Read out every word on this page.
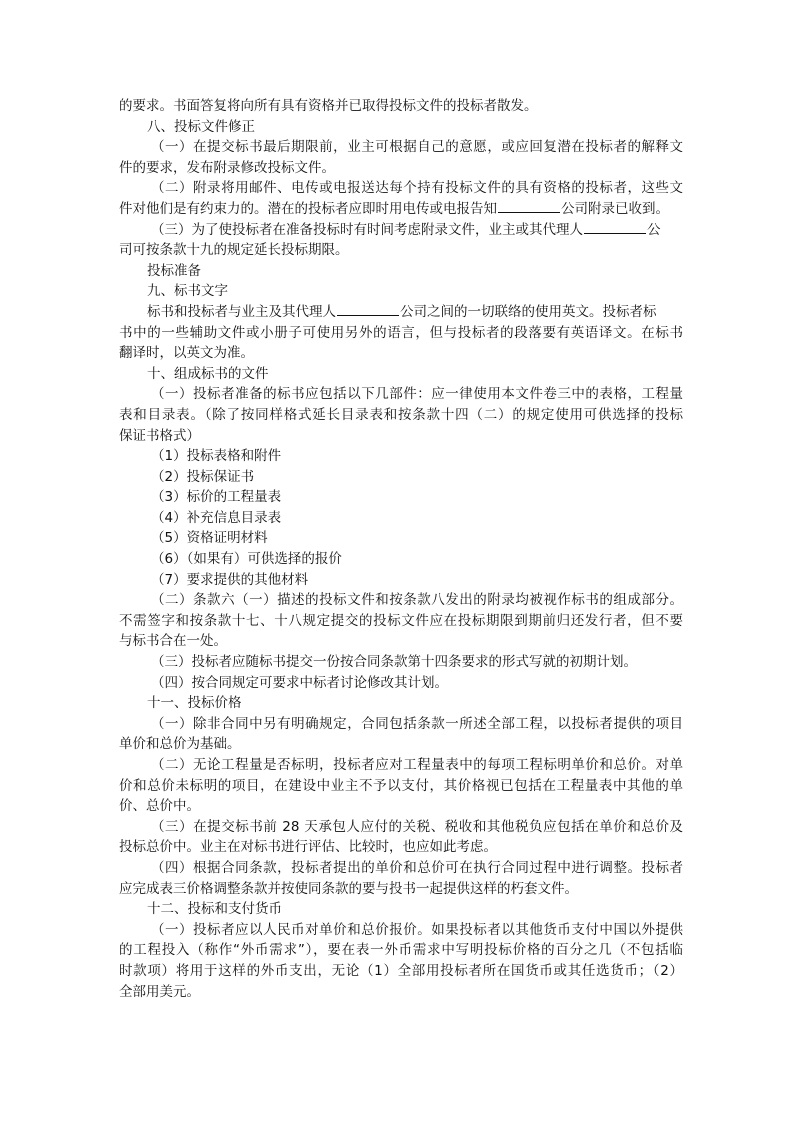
的要求。书面答复将向所有具有资格并已取得投标文件的投标者散发。
八、投标文件修正
（一）在提交标书最后期限前，业主可根据自己的意愿，或应回复潜在投标者的解释文
件的要求，发布附录修改投标文件。
（二）附录将用邮件、电传或电报送达每个持有投标文件的具有资格的投标者，这些文
件对他们是有约束力的。潜在的投标者应即时用电传或电报告知	公司附录已收到。
（三）为了使投标者在准备投标时有时间考虑附录文件，业主或其代理人	公
司可按条款十九的规定延长投标期限。
投标准备
九、标书文字
标书和投标者与业主及其代理人	公司之间的一切联络的使用英文。投标者标
书中的一些辅助文件或小册子可使用另外的语言，但与投标者的段落要有英语译文。在标书
翻译时，以英文为准。
十、组成标书的文件
（一）投标者准备的标书应包括以下几部件：应一律使用本文件卷三中的表格，工程量
表和目录表。（除了按同样格式延长目录表和按条款十四（二）的规定使用可供选择的投标
保证书格式）
（1）投标表格和附件
（2）投标保证书
（3）标价的工程量表
（4）补充信息目录表
（5）资格证明材料
（6）（如果有）可供选择的报价
（7）要求提供的其他材料
（二）条款六（一）描述的投标文件和按条款八发出的附录均被视作标书的组成部分。
不需签字和按条款十七、十八规定提交的投标文件应在投标期限到期前归还发行者，但不要
与标书合在一处。
（三）投标者应随标书提交一份按合同条款第十四条要求的形式写就的初期计划。
（四）按合同规定可要求中标者讨论修改其计划。
十一、投标价格
（一）除非合同中另有明确规定，合同包括条款一所述全部工程，以投标者提供的项目
单价和总价为基础。
（二）无论工程量是否标明，投标者应对工程量表中的每项工程标明单价和总价。对单
价和总价未标明的项目，在建设中业主不予以支付，其价格视已包括在工程量表中其他的单
价、总价中。
（三）在提交标书前 28 天承包人应付的关税、税收和其他税负应包括在单价和总价及
投标总价中。业主在对标书进行评估、比较时，也应如此考虑。
（四）根据合同条款，投标者提出的单价和总价可在执行合同过程中进行调整。投标者
应完成表三价格调整条款并按使同条款的要与投书一起提供这样的朽套文件。
十二、投标和支付货币
（一）投标者应以人民币对单价和总价报价。如果投标者以其他货币支付中国以外提供
的工程投入（称作“外币需求”），要在表一外币需求中写明投标价格的百分之几（不包括临
时款项）将用于这样的外币支出，无论（1）全部用投标者所在国货币或其任选货币；（2）
全部用美元。
